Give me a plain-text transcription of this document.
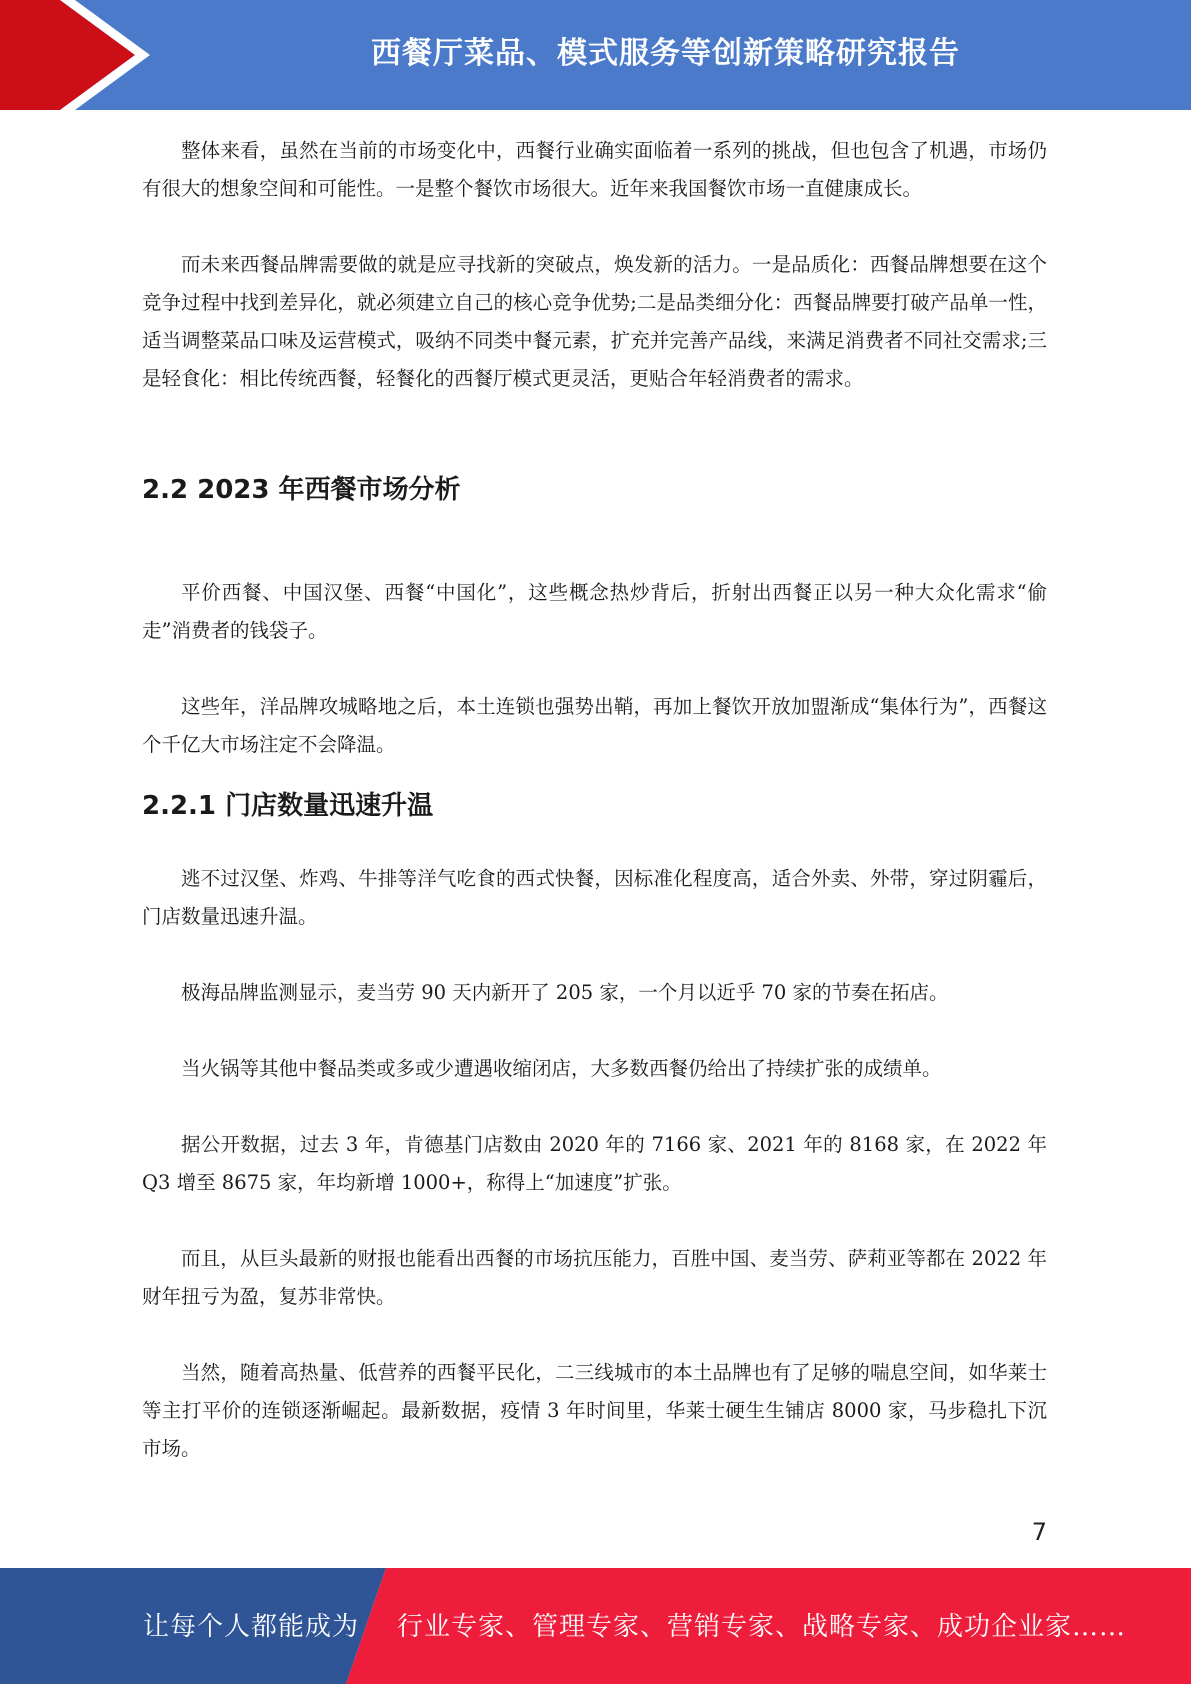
西餐厅菜品、模式服务等创新策略研究报告

整体来看，虽然在当前的市场变化中，西餐行业确实面临着一系列的挑战，但也包含了机遇，市场仍有很大的想象空间和可能性。一是整个餐饮市场很大。近年来我国餐饮市场一直健康成长。

而未来西餐品牌需要做的就是应寻找新的突破点，焕发新的活力。一是品质化：西餐品牌想要在这个竞争过程中找到差异化，就必须建立自己的核心竞争优势;二是品类细分化：西餐品牌要打破产品单一性，适当调整菜品口味及运营模式，吸纳不同类中餐元素，扩充并完善产品线，来满足消费者不同社交需求;三是轻食化：相比传统西餐，轻餐化的西餐厅模式更灵活，更贴合年轻消费者的需求。

2.2 2023 年西餐市场分析

平价西餐、中国汉堡、西餐“中国化”，这些概念热炒背后，折射出西餐正以另一种大众化需求“偷走”消费者的钱袋子。

这些年，洋品牌攻城略地之后，本土连锁也强势出鞘，再加上餐饮开放加盟渐成“集体行为”，西餐这个千亿大市场注定不会降温。

2.2.1 门店数量迅速升温

逃不过汉堡、炸鸡、牛排等洋气吃食的西式快餐，因标准化程度高，适合外卖、外带，穿过阴霾后，门店数量迅速升温。

极海品牌监测显示，麦当劳 90 天内新开了 205 家，一个月以近乎 70 家的节奏在拓店。

当火锅等其他中餐品类或多或少遭遇收缩闭店，大多数西餐仍给出了持续扩张的成绩单。

据公开数据，过去 3 年，肯德基门店数由 2020 年的 7166 家、2021 年的 8168 家，在 2022 年 Q3 增至 8675 家，年均新增 1000+，称得上“加速度”扩张。

而且，从巨头最新的财报也能看出西餐的市场抗压能力，百胜中国、麦当劳、萨莉亚等都在 2022 年财年扭亏为盈，复苏非常快。

当然，随着高热量、低营养的西餐平民化，二三线城市的本土品牌也有了足够的喘息空间，如华莱士等主打平价的连锁逐渐崛起。最新数据，疫情 3 年时间里，华莱士硬生生铺店 8000 家，马步稳扎下沉市场。

7
让每个人都能成为 行业专家、管理专家、营销专家、战略专家、成功企业家……
